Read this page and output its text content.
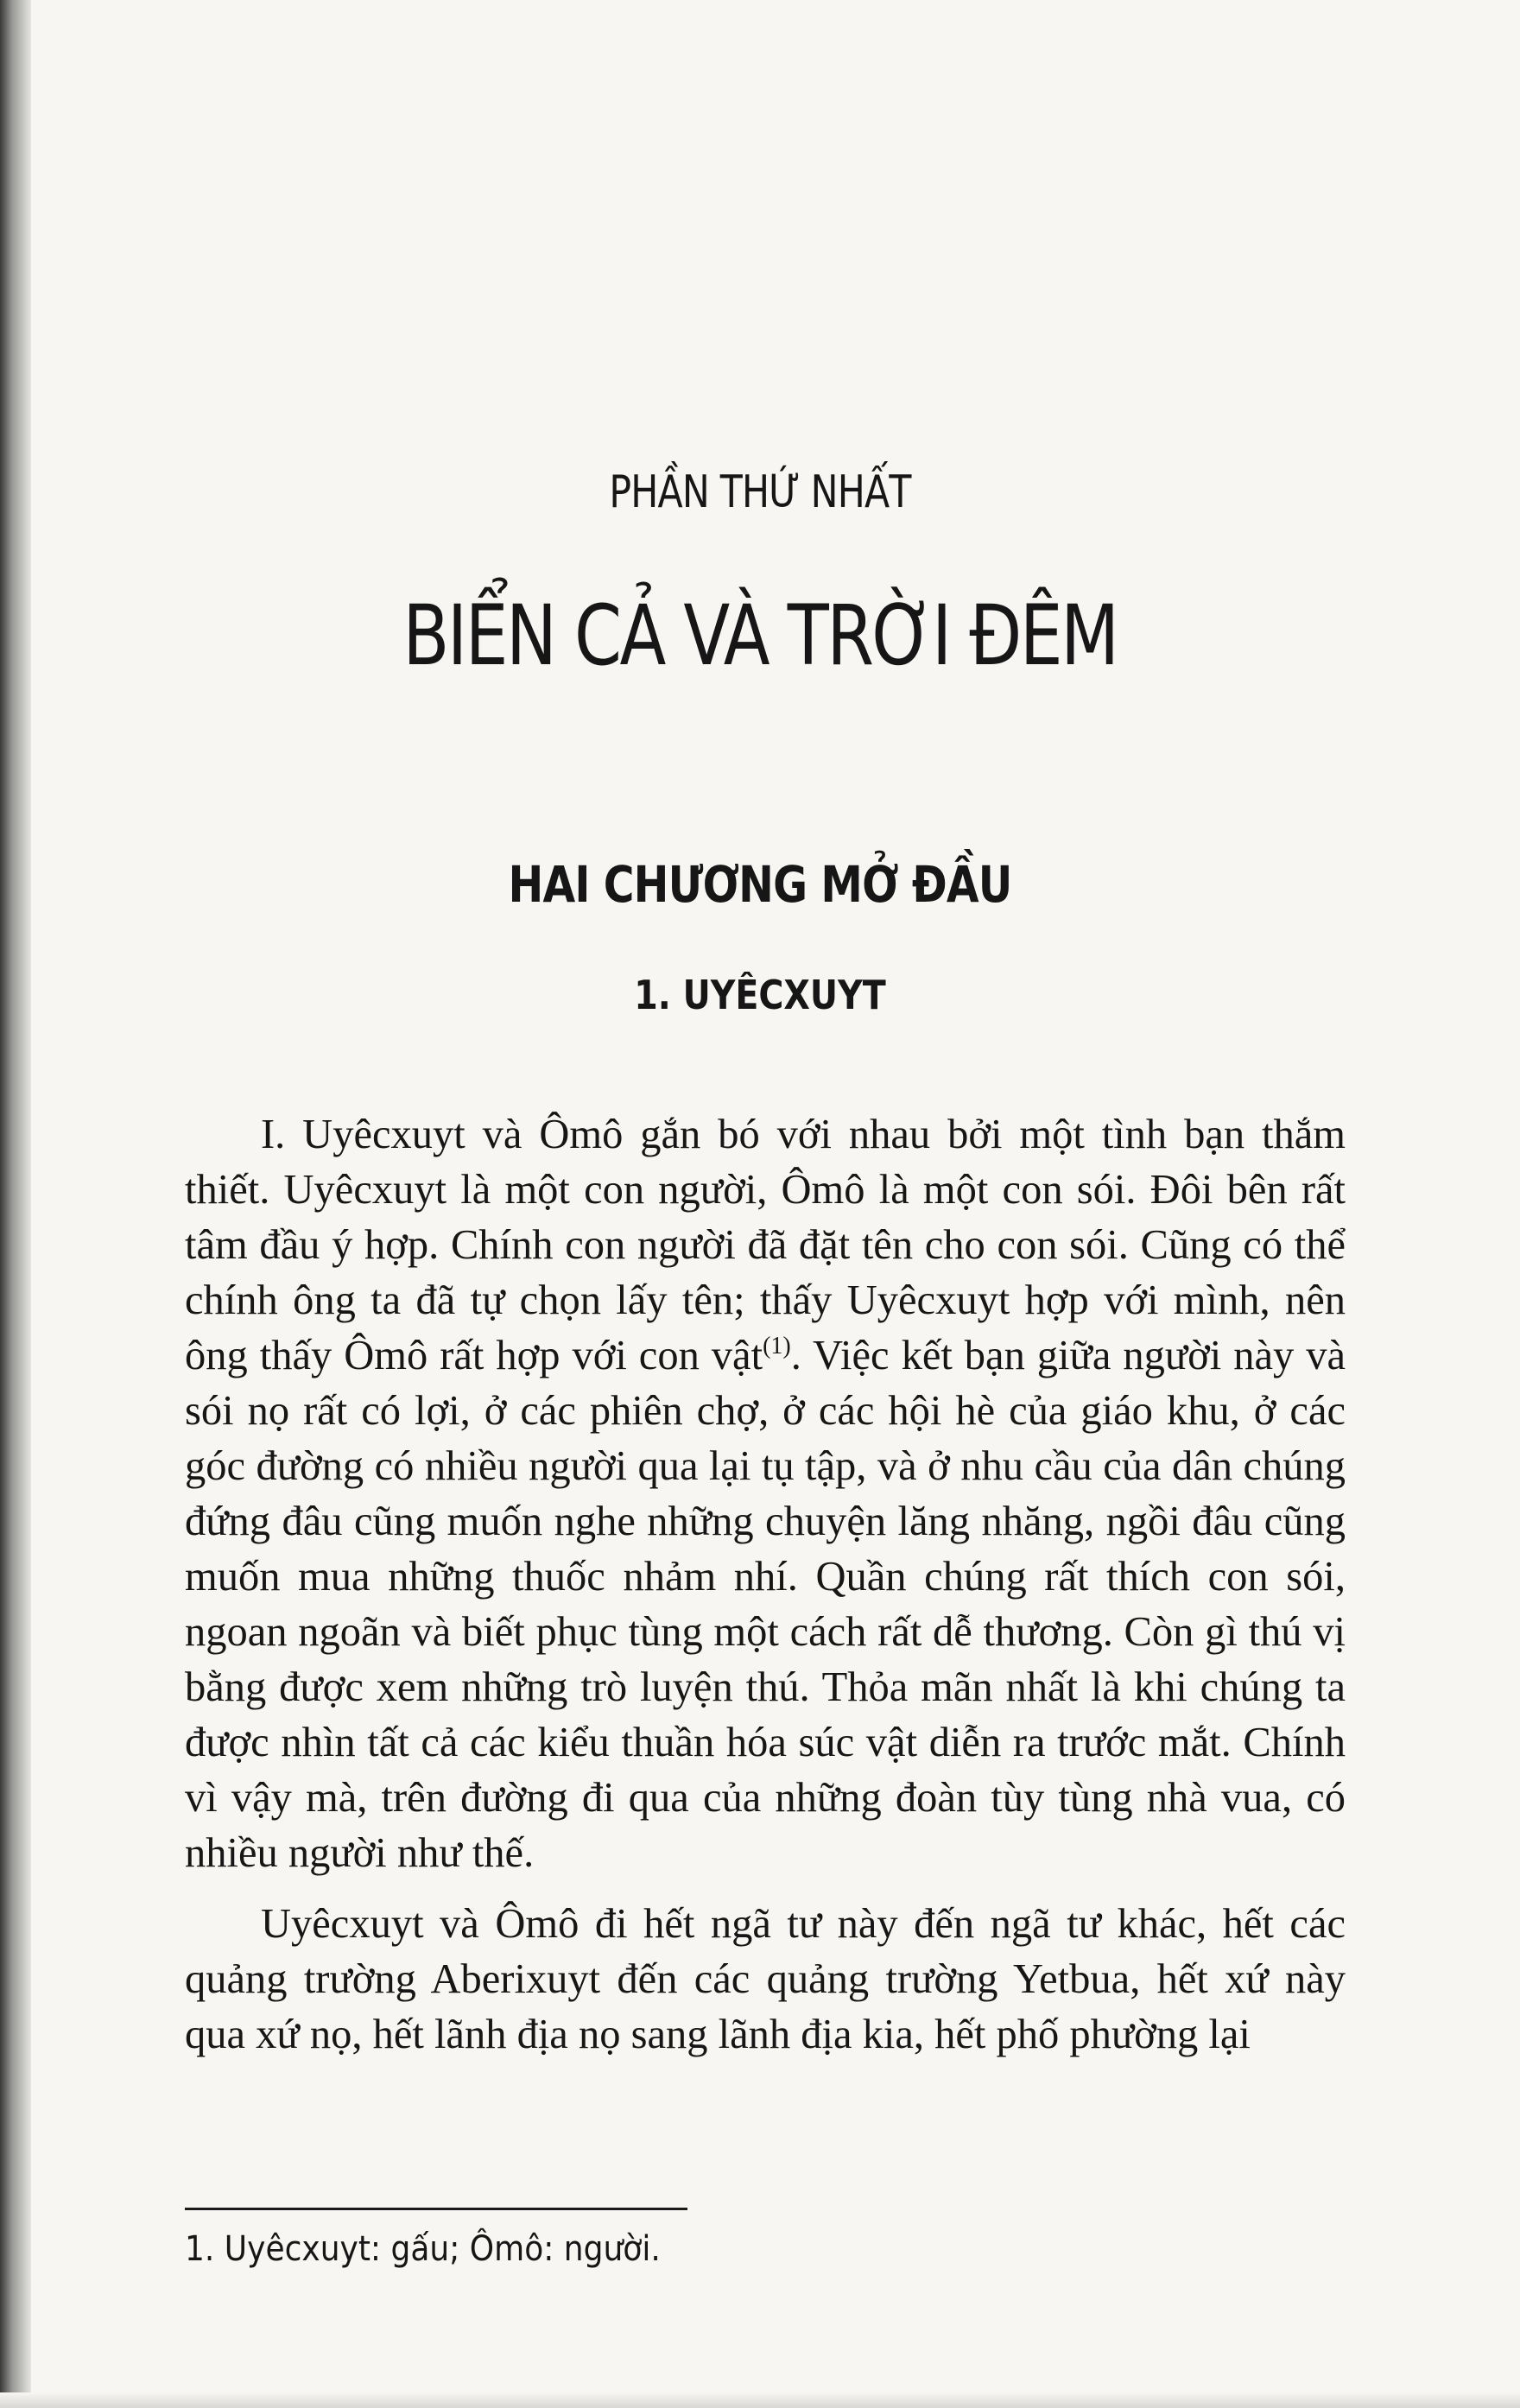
PHẦN THỨ NHẤT
BIỂN CẢ VÀ TRỜI ĐÊM
HAI CHƯƠNG MỞ ĐẦU
1. UYÊCXUYT

I. Uyêcxuyt và Ômô gắn bó với nhau bởi một tình bạn thắm thiết. Uyêcxuyt là một con người, Ômô là một con sói. Đôi bên rất tâm đầu ý hợp. Chính con người đã đặt tên cho con sói. Cũng có thể chính ông ta đã tự chọn lấy tên; thấy Uyêcxuyt hợp với mình, nên ông thấy Ômô rất hợp với con vật$^{(1)}$. Việc kết bạn giữa người này và sói nọ rất có lợi, ở các phiên chợ, ở các hội hè của giáo khu, ở các góc đường có nhiều người qua lại tụ tập, và ở nhu cầu của dân chúng đứng đâu cũng muốn nghe những chuyện lăng nhăng, ngồi đâu cũng muốn mua những thuốc nhảm nhí. Quần chúng rất thích con sói, ngoan ngoãn và biết phục tùng một cách rất dễ thương. Còn gì thú vị bằng được xem những trò luyện thú. Thỏa mãn nhất là khi chúng ta được nhìn tất cả các kiểu thuần hóa súc vật diễn ra trước mắt. Chính vì vậy mà, trên đường đi qua của những đoàn tùy tùng nhà vua, có nhiều người như thế.

Uyêcxuyt và Ômô đi hết ngã tư này đến ngã tư khác, hết các quảng trường Aberixuyt đến các quảng trường Yetbua, hết xứ này qua xứ nọ, hết lãnh địa nọ sang lãnh địa kia, hết phố phường lại

1. Uyêcxuyt: gấu; Ômô: người.
